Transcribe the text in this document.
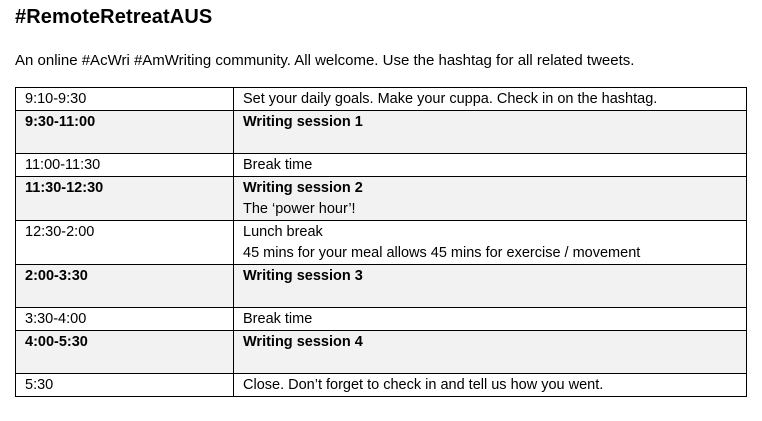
#RemoteRetreatAUS
An online #AcWri #AmWriting community. All welcome. Use the hashtag for all related tweets.
9:10-9:30	Set your daily goals. Make your cuppa. Check in on the hashtag.

9:30-11:00	Writing session 1

11:00-11:30	Break time

11:30-12:30	Writing session 2
The ‘power hour’!

12:30-2:00	Lunch break
45 mins for your meal allows 45 mins for exercise / movement

2:00-3:30	Writing session 3

3:30-4:00	Break time

4:00-5:30	Writing session 4

5:30	Close. Don’t forget to check in and tell us how you went.
